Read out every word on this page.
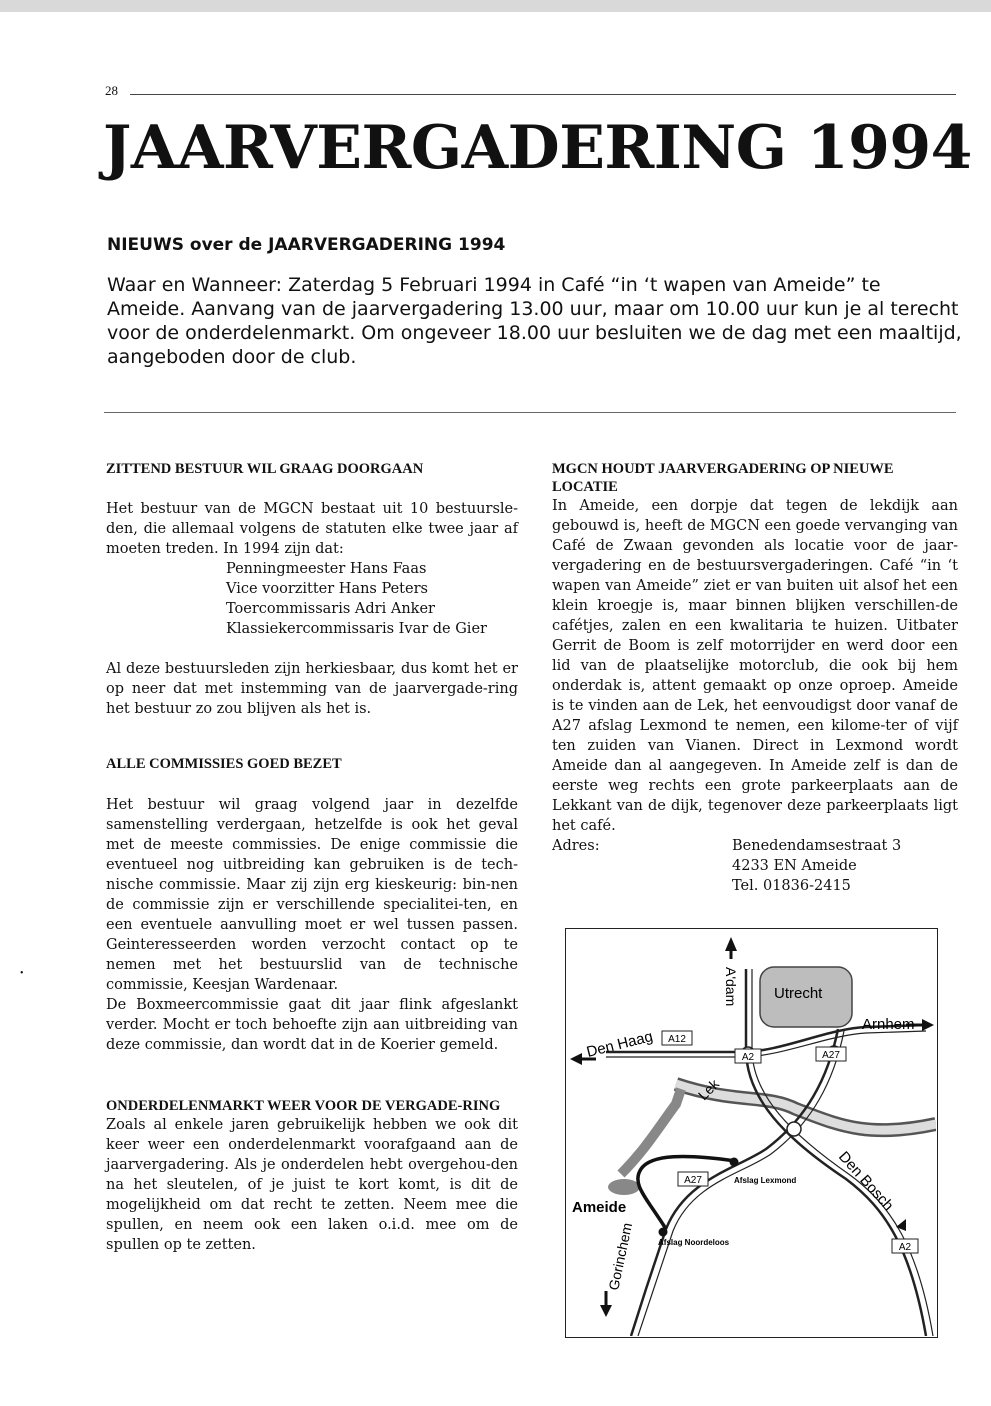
28
JAARVERGADERING 1994
NIEUWS over de JAARVERGADERING 1994

Waar en Wanneer: Zaterdag 5 Februari 1994 in Café “in ‘t wapen van Ameide” te Ameide. Aanvang van de jaarvergadering 13.00 uur, maar om 10.00 uur kun je al terecht voor de onderdelenmarkt. Om ongeveer 18.00 uur besluiten we de dag met een maaltijd, aangeboden door de club.

ZITTEND BESTUUR WIL GRAAG DOORGAAN

Het bestuur van de MGCN bestaat uit 10 bestuursle-den, die allemaal volgens de statuten elke twee jaar af moeten treden. In 1994 zijn dat:

Penningmeester Hans Faas

Vice voorzitter Hans Peters

Toercommissaris Adri Anker

Klassiekercommissaris Ivar de Gier

Al deze bestuursleden zijn herkiesbaar, dus komt het er op neer dat met instemming van de jaarvergade-ring het bestuur zo zou blijven als het is.

ALLE COMMISSIES GOED BEZET

Het bestuur wil graag volgend jaar in dezelfde samenstelling verdergaan, hetzelfde is ook het geval met de meeste commissies. De enige commissie die eventueel nog uitbreiding kan gebruiken is de tech-nische commissie. Maar zij zijn erg kieskeurig: bin-nen de commissie zijn er verschillende specialitei-ten, en een eventuele aanvulling moet er wel tussen passen. Geinteresseerden worden verzocht contact op te nemen met het bestuurslid van de technische commissie, Keesjan Wardenaar.

De Boxmeercommissie gaat dit jaar flink afgeslankt verder. Mocht er toch behoefte zijn aan uitbreiding van deze commissie, dan wordt dat in de Koerier gemeld.

ONDERDELENMARKT WEER VOOR DE VERGADE-RING

Zoals al enkele jaren gebruikelijk hebben we ook dit keer weer een onderdelenmarkt voorafgaand aan de jaarvergadering. Als je onderdelen hebt overgehou-den na het sleutelen, of je juist te kort komt, is dit de mogelijkheid om dat recht te zetten. Neem mee die spullen, en neem ook een laken o.i.d. mee om de spullen op te zetten.

MGCN HOUDT JAARVERGADERING OP NIEUWE LOCATIE

In Ameide, een dorpje dat tegen de lekdijk aan gebouwd is, heeft de MGCN een goede vervanging van Café de Zwaan gevonden als locatie voor de jaar-vergadering en de bestuursvergaderingen. Café “in ‘t wapen van Ameide” ziet er van buiten uit alsof het een klein kroegje is, maar binnen blijken verschillen-de cafétjes, zalen en een kwalitaria te huizen. Uitbater Gerrit de Boom is zelf motorrijder en werd door een lid van de plaatselijke motorclub, die ook bij hem onderdak is, attent gemaakt op onze oproep. Ameide is te vinden aan de Lek, het eenvoudigst door vanaf de A27 afslag Lexmond te nemen, een kilome-ter of vijf ten zuiden van Vianen. Direct in Lexmond wordt Ameide dan al aangegeven. In Ameide zelf is dan de eerste weg rechts een grote parkeerplaats aan de Lekkant van de dijk, tegenover deze parkeerplaats ligt het café.

Adres:	Benedendamsestraat 3
4233 EN Ameide
Tel. 01836-2415
•
A12
A2	A27
A27
A2
A'dam Utrecht
Arnhem
Den Haag
Lek
Den Bosch
Gorinchem
Ameide
Afslag Lexmond
Afslag Noordeloos
